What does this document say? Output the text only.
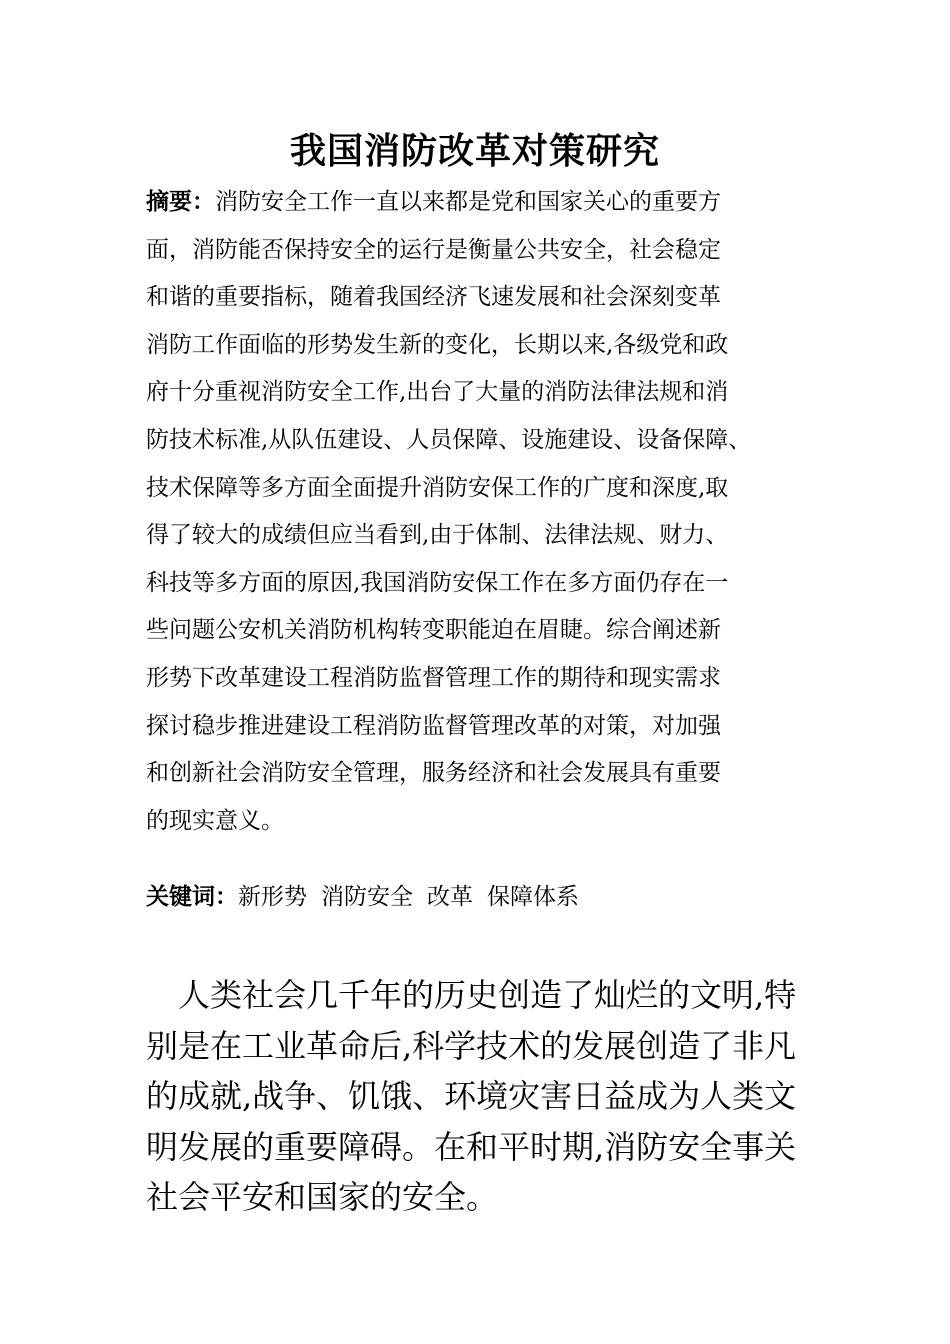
我国消防改革对策研究
摘要：消防安全工作一直以来都是党和国家关心的重要方
面，消防能否保持安全的运行是衡量公共安全，社会稳定
和谐的重要指标，随着我国经济飞速发展和社会深刻变革
消防工作面临的形势发生新的变化，长期以来,各级党和政
府十分重视消防安全工作,出台了大量的消防法律法规和消
防技术标准,从队伍建设、人员保障、设施建设、设备保障、
技术保障等多方面全面提升消防安保工作的广度和深度,取
得了较大的成绩但应当看到,由于体制、法律法规、财力、
科技等多方面的原因,我国消防安保工作在多方面仍存在一
些问题公安机关消防机构转变职能迫在眉睫。综合阐述新
形势下改革建设工程消防监督管理工作的期待和现实需求
探讨稳步推进建设工程消防监督管理改革的对策，对加强
和创新社会消防安全管理，服务经济和社会发展具有重要
的现实意义。
关键词：新形势 消防安全 改革 保障体系
人类社会几千年的历史创造了灿烂的文明,特
别是在工业革命后,科学技术的发展创造了非凡
的成就,战争、饥饿、环境灾害日益成为人类文
明发展的重要障碍。在和平时期,消防安全事关
社会平安和国家的安全。
